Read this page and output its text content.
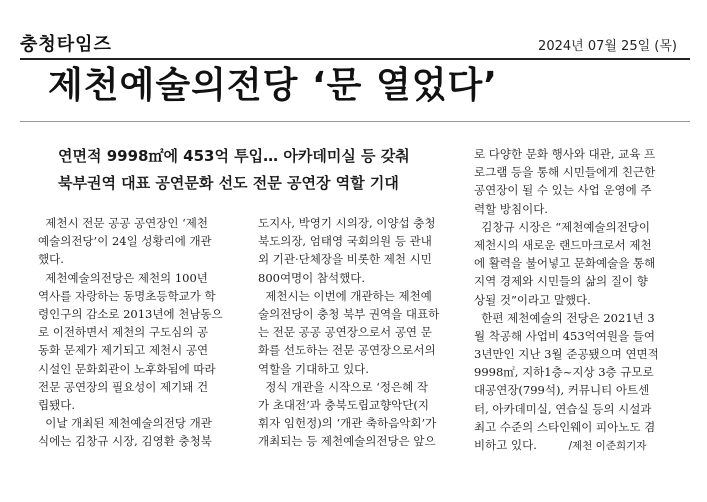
충청타임즈	2024년 07월 25일 (목)
제천예술의전당 ‘문 열었다’
연면적 9998㎡에 453억 투입… 아카데미실 등 갖춰
북부권역 대표 공연문화 선도 전문 공연장 역할 기대
제천시 전문 공공 공연장인 ‘제천
예술의전당’이 24일 성황리에 개관
했다.
제천예술의전당은 제천의 100년
역사를 자랑하는 동명초등학교가 학
령인구의 감소로 2013년에 천남동으
로 이전하면서 제천의 구도심의 공
동화 문제가 제기되고 제천시 공연
시설인 문화회관이 노후화됨에 따라
전문 공연장의 필요성이 제기돼 건
립됐다.
이날 개최된 제천예술의전당 개관
식에는 김창규 시장, 김영환 충청북
도지사, 박영기 시의장, 이양섭 충청
북도의장, 엄태영 국회의원 등 관내
외 기관·단체장을 비롯한 제천 시민
800여명이 참석했다.
제천시는 이번에 개관하는 제천예
술의전당이 충청 북부 권역을 대표하
는 전문 공공 공연장으로서 공연 문
화를 선도하는 전문 공연장으로서의
역할을 기대하고 있다.
정식 개관을 시작으로 ‘정은혜 작
가 초대전’과 충북도립교향악단(지
휘자 임헌정)의 ‘개관 축하음악회’가
개최되는 등 제천예술의전당은 앞으
로 다양한 문화 행사와 대관, 교육 프
로그램 등을 통해 시민들에게 친근한
공연장이 될 수 있는 사업 운영에 주
력할 방침이다.
김창규 시장은 “제천예술의전당이
제천시의 새로운 랜드마크로서 제천
에 활력을 불어넣고 문화예술을 통해
지역 경제와 시민들의 삶의 질이 향
상될 것”이라고 말했다.
한편 제천예술의 전당은 2021년 3
월 착공해 사업비 453억여원을 들여
3년만인 지난 3월 준공됐으며 연면적
9998㎡, 지하1층~지상 3층 규모로
대공연장(799석), 커뮤니티 아트센
터, 아카데미실, 연습실 등의 시설과
최고 수준의 스타인웨이 피아노도 겸
비하고 있다.	/제천 이준희기자
